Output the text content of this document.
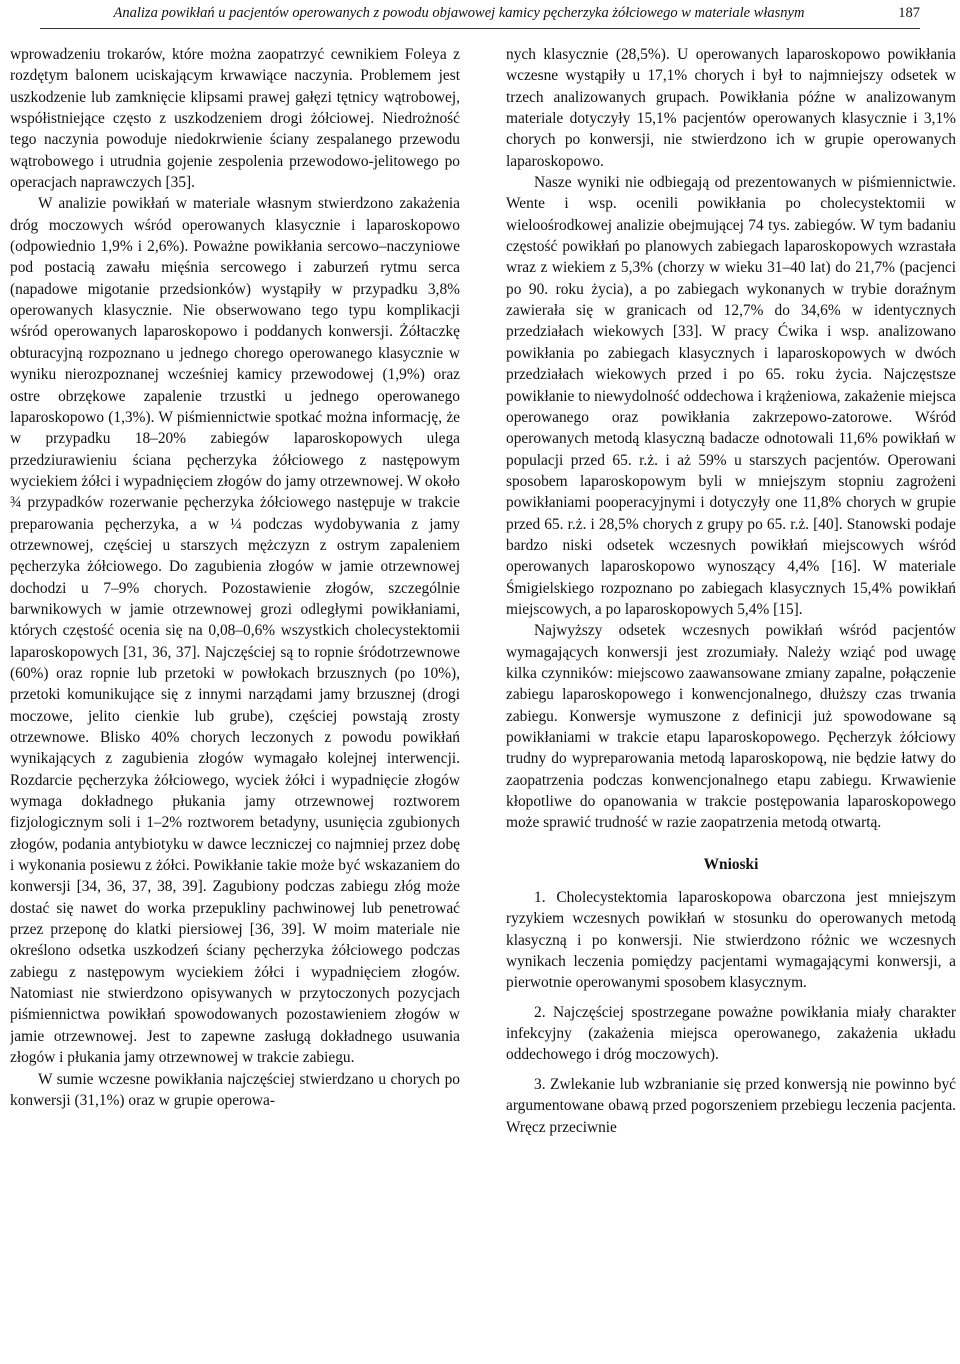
Analiza powikłań u pacjentów operowanych z powodu objawowej kamicy pęcherzyka żółciowego w materiale własnym	187

wprowadzeniu trokarów, które można zaopatrzyć cewnikiem Foleya z rozdętym balonem uciskającym krwawiące naczynia. Problemem jest uszkodzenie lub zamknięcie klipsami prawej gałęzi tętnicy wątrobowej, współistniejące często z uszkodzeniem drogi żółciowej. Niedrożność tego naczynia powoduje niedokrwienie ściany zespalanego przewodu wątrobowego i utrudnia gojenie zespolenia przewodowo-jelitowego po operacjach naprawczych [35].

W analizie powikłań w materiale własnym stwierdzono zakażenia dróg moczowych wśród operowanych klasycznie i laparoskopowo (odpowiednio 1,9% i 2,6%). Poważne powikłania sercowo–naczyniowe pod postacią zawału mięśnia sercowego i zaburzeń rytmu serca (napadowe migotanie przedsionków) wystąpiły w przypadku 3,8% operowanych klasycznie. Nie obserwowano tego typu komplikacji wśród operowanych laparoskopowo i poddanych konwersji. Żółtaczkę obturacyjną rozpoznano u jednego chorego operowanego klasycznie w wyniku nierozpoznanej wcześniej kamicy przewodowej (1,9%) oraz ostre obrzękowe zapalenie trzustki u jednego operowanego laparoskopowo (1,3%). W piśmiennictwie spotkać można informację, że w przypadku 18–20% zabiegów laparoskopowych ulega przedziurawieniu ściana pęcherzyka żółciowego z następowym wyciekiem żółci i wypadnięciem złogów do jamy otrzewnowej. W około ¾ przypadków rozerwanie pęcherzyka żółciowego następuje w trakcie preparowania pęcherzyka, a w ¼ podczas wydobywania z jamy otrzewnowej, częściej u starszych mężczyzn z ostrym zapaleniem pęcherzyka żółciowego. Do zagubienia złogów w jamie otrzewnowej dochodzi u 7–9% chorych. Pozostawienie złogów, szczególnie barwnikowych w jamie otrzewnowej grozi odległymi powikłaniami, których częstość ocenia się na 0,08–0,6% wszystkich cholecystektomii laparoskopowych [31, 36, 37]. Najczęściej są to ropnie śródotrzewnowe (60%) oraz ropnie lub przetoki w powłokach brzusznych (po 10%), przetoki komunikujące się z innymi narządami jamy brzusznej (drogi moczowe, jelito cienkie lub grube), częściej powstają zrosty otrzewnowe. Blisko 40% chorych leczonych z powodu powikłań wynikających z zagubienia złogów wymagało kolejnej interwencji. Rozdarcie pęcherzyka żółciowego, wyciek żółci i wypadnięcie złogów wymaga dokładnego płukania jamy otrzewnowej roztworem fizjologicznym soli i 1–2% roztworem betadyny, usunięcia zgubionych złogów, podania antybiotyku w dawce leczniczej co najmniej przez dobę i wykonania posiewu z żółci. Powikłanie takie może być wskazaniem do konwersji [34, 36, 37, 38, 39]. Zagubiony podczas zabiegu złóg może dostać się nawet do worka przepukliny pachwinowej lub penetrować przez przeponę do klatki piersiowej [36, 39]. W moim materiale nie określono odsetka uszkodzeń ściany pęcherzyka żółciowego podczas zabiegu z następowym wyciekiem żółci i wypadnięciem złogów. Natomiast nie stwierdzono opisywanych w przytoczonych pozycjach piśmiennictwa powikłań spowodowanych pozostawieniem złogów w jamie otrzewnowej. Jest to zapewne zasługą dokładnego usuwania złogów i płukania jamy otrzewnowej w trakcie zabiegu.

W sumie wczesne powikłania najczęściej stwierdzano u chorych po konwersji (31,1%) oraz w grupie operowa-

nych klasycznie (28,5%). U operowanych laparoskopowo powikłania wczesne wystąpiły u 17,1% chorych i był to najmniejszy odsetek w trzech analizowanych grupach. Powikłania późne w analizowanym materiale dotyczyły 15,1% pacjentów operowanych klasycznie i 3,1% chorych po konwersji, nie stwierdzono ich w grupie operowanych laparoskopowo.

Nasze wyniki nie odbiegają od prezentowanych w piśmiennictwie. Wente i wsp. ocenili powikłania po cholecystektomii w wieloośrodkowej analizie obejmującej 74 tys. zabiegów. W tym badaniu częstość powikłań po planowych zabiegach laparoskopowych wzrastała wraz z wiekiem z 5,3% (chorzy w wieku 31–40 lat) do 21,7% (pacjenci po 90. roku życia), a po zabiegach wykonanych w trybie doraźnym zawierała się w granicach od 12,7% do 34,6% w identycznych przedziałach wiekowych [33]. W pracy Ćwika i wsp. analizowano powikłania po zabiegach klasycznych i laparoskopowych w dwóch przedziałach wiekowych przed i po 65. roku życia. Najczęstsze powikłanie to niewydolność oddechowa i krążeniowa, zakażenie miejsca operowanego oraz powikłania zakrzepowo-zatorowe. Wśród operowanych metodą klasyczną badacze odnotowali 11,6% powikłań w populacji przed 65. r.ż. i aż 59% u starszych pacjentów. Operowani sposobem laparoskopowym byli w mniejszym stopniu zagrożeni powikłaniami pooperacyjnymi i dotyczyły one 11,8% chorych w grupie przed 65. r.ż. i 28,5% chorych z grupy po 65. r.ż. [40]. Stanowski podaje bardzo niski odsetek wczesnych powikłań miejscowych wśród operowanych laparoskopowo wynoszący 4,4% [16]. W materiale Śmigielskiego rozpoznano po zabiegach klasycznych 15,4% powikłań miejscowych, a po laparoskopowych 5,4% [15].

Najwyższy odsetek wczesnych powikłań wśród pacjentów wymagających konwersji jest zrozumiały. Należy wziąć pod uwagę kilka czynników: miejscowo zaawansowane zmiany zapalne, połączenie zabiegu laparoskopowego i konwencjonalnego, dłuższy czas trwania zabiegu. Konwersje wymuszone z definicji już spowodowane są powikłaniami w trakcie etapu laparoskopowego. Pęcherzyk żółciowy trudny do wypreparowania metodą laparoskopową, nie będzie łatwy do zaopatrzenia podczas konwencjonalnego etapu zabiegu. Krwawienie kłopotliwe do opanowania w trakcie postępowania laparoskopowego może sprawić trudność w razie zaopatrzenia metodą otwartą.

Wnioski

1. Cholecystektomia laparoskopowa obarczona jest mniejszym ryzykiem wczesnych powikłań w stosunku do operowanych metodą klasyczną i po konwersji. Nie stwierdzono różnic we wczesnych wynikach leczenia pomiędzy pacjentami wymagającymi konwersji, a pierwotnie operowanymi sposobem klasycznym.

2. Najczęściej spostrzegane poważne powikłania miały charakter infekcyjny (zakażenia miejsca operowanego, zakażenia układu oddechowego i dróg moczowych).

3. Zwlekanie lub wzbranianie się przed konwersją nie powinno być argumentowane obawą przed pogorszeniem przebiegu leczenia pacjenta. Wręcz przeciwnie
